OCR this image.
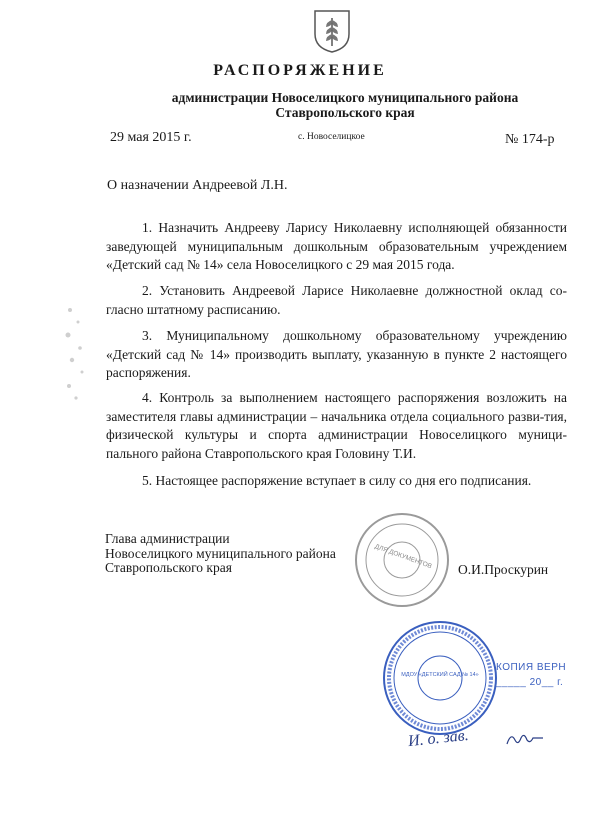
РАСПОРЯЖЕНИЕ
администрации Новоселицкого муниципального района
Ставропольского края
29 мая 2015 г.	с. Новоселицкое	№ 174-р
О назначении Андреевой Л.Н.

1. Назначить Андрееву Ларису Николаевну исполняющей обязанности заведующей муниципальным дошкольным образовательным учреждением «Детский сад № 14» села Новоселицкого с 29 мая 2015 года.

2. Установить Андреевой Ларисе Николаевне должностной оклад со-гласно штатному расписанию.

3. Муниципальному дошкольному образовательному учреждению «Детский сад № 14» производить выплату, указанную в пункте 2 настоящего распоряжения.

4. Контроль за выполнением настоящего распоряжения возложить на заместителя главы администрации – начальника отдела социального разви-тия, физической культуры и спорта администрации Новоселицкого муници-пального района Ставропольского края Головину Т.И.

5. Настоящее распоряжение вступает в силу со дня его подписания.

Глава администрации
Новоселицкого муниципального района
Ставропольского края	О.И.Проскурин
ДЛЯ ДОКУМЕНТОВ
МДОУ «ДЕТСКИЙ САД № 14»
КОПИЯ ВЕРН
_____ 20__ г.
И. о. зав.
